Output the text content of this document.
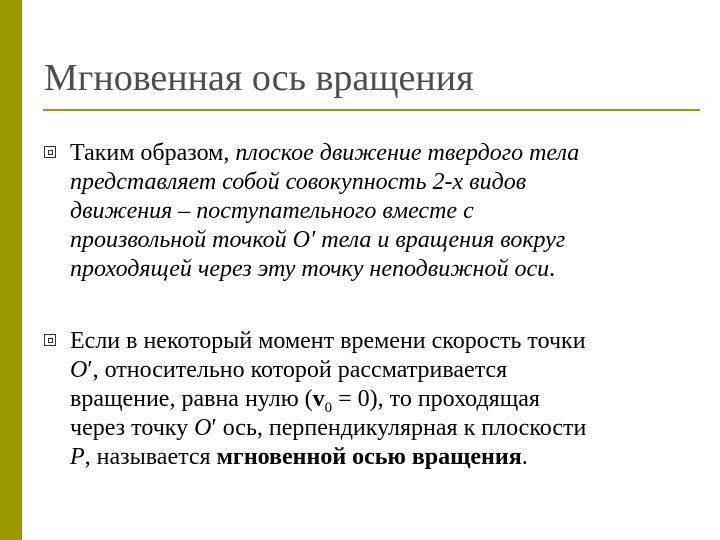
Мгновенная ось вращения
Таким образом, плоское движение твердого тела
представляет собой совокупность 2-х видов
движения – поступательного вместе с
произвольной точкой O′ тела и вращения вокруг
проходящей через эту точку неподвижной оси.
Если в некоторый момент времени скорость точки
O′, относительно которой рассматривается
вращение, равна нулю $(v_0 = 0)$, то проходящая
через точку O′ ось, перпендикулярная к плоскости
P, называется мгновенной осью вращения.
